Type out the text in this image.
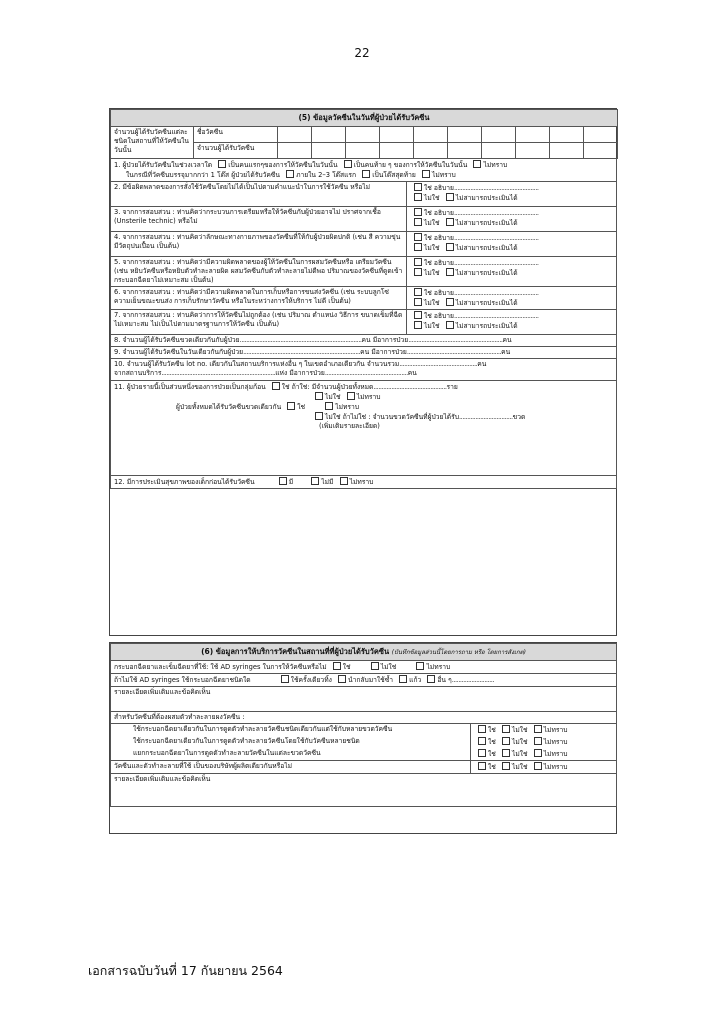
22
(5) ข้อมูลวัคซีนในวันที่ผู้ป่วยได้รับวัคซีน											
จำนวนผู้ได้รับวัคซีนแต่ละชนิดในสถานที่ให้วัคซีนในวันนั้น	ชื่อวัคซีน										
	จำนวนผู้ได้รับวัคซีน										
1. ผู้ป่วยได้รับวัคซีนในช่วงเวลาใด เป็นคนแรกๆของการให้วัคซีนในวันนั้น เป็นคนท้าย ๆ ของการให้วัคซีนในวันนั้น ไม่ทราบ
ในกรณีที่วัคซีนบรรจุมากกว่า 1 โด๊ส ผู้ป่วยได้รับวัคซีน ภายใน 2–3 โด๊สแรก เป็นโด๊สสุดท้าย ไม่ทราบ	
2. มีข้อผิดพลาดของการสั่งใช้วัคซีนโดยไม่ได้เป็นไปตามคำแนะนำในการใช้วัคซีน หรือไม่	ใช่ อธิบาย....................................................
ไม่ใช่ ไม่สามารถประเมินได้
3. จากการสอบสวน : ท่านคิดว่ากระบวนการเตรียมหรือให้วัคซีนกับผู้ป่วยอาจไม่ ปราศจากเชื้อ (Unsterile technic) หรือไม่	ใช่ อธิบาย....................................................
ไม่ใช่ ไม่สามารถประเมินได้
4. จากการสอบสวน : ท่านคิดว่าลักษณะทางกายภาพของวัคซีนที่ให้กับผู้ป่วยผิดปกติ (เช่น สี ความขุ่น มีวัตถุปนเปื้อน เป็นต้น)	ใช่ อธิบาย....................................................
ไม่ใช่ ไม่สามารถประเมินได้
5. จากการสอบสวน : ท่านคิดว่ามีความผิดพลาดของผู้ให้วัคซีนในการผสมวัคซีนหรือ เตรียมวัคซีน (เช่น หยิบวัคซีนหรือหยิบตัวทำละลายผิด ผสมวัคซีนกับตัวทำละลายไม่ดีพอ ปริมาณของวัคซีนที่ดูดเข้ากระบอกฉีดยาไม่เหมาะสม เป็นต้น)	ใช่ อธิบาย....................................................
ไม่ใช่ ไม่สามารถประเมินได้
6. จากการสอบสวน : ท่านคิดว่ามีความผิดพลาดในการเก็บหรือการขนส่งวัคซีน (เช่น ระบบลูกโซ่ความเย็นขณะขนส่ง การเก็บรักษาวัคซีน หรือในระหว่างการให้บริการ ไม่ดี เป็นต้น)	ใช่ อธิบาย....................................................
ไม่ใช่ ไม่สามารถประเมินได้
7. จากการสอบสวน : ท่านคิดว่าการให้วัคซีนไม่ถูกต้อง (เช่น ปริมาณ ตำแหน่ง วิธีการ ขนาดเข็มที่ฉีดไม่เหมาะสม ไม่เป็นไปตามมาตรฐานการให้วัคซีน เป็นต้น)	ใช่ อธิบาย....................................................
ไม่ใช่ ไม่สามารถประเมินได้
8. จำนวนผู้ได้รับวัคซีนขวดเดียวกันกับผู้ป่วย...........................................................................คน มีอาการป่วย..........................................................คน	
9. จำนวนผู้ได้รับวัคซีนในวันเดียวกันกับผู้ป่วย........................................................................คน มีอาการป่วย..........................................................คน	
10. จำนวนผู้ได้รับวัคซีน lot no. เดียวกันในสถานบริการแห่งอื่น ๆ ในเขตอำเภอเดียวกัน จำนวนรวม................................................คน
จากสถานบริการ......................................................................แห่ง มีอาการป่วย...................................................คน	
11. ผู้ป่วยรายนี้เป็นส่วนหนึ่งของการป่วยเป็นกลุ่มก้อน ใช่ ถ้าใช่: มีจำนวนผู้ป่วยทั้งหมด.............................................ราย
ไม่ใช่ ไม่ทราบ
ผู้ป่วยทั้งหมดได้รับวัคซีนขวดเดียวกัน ใช่ ไม่ทราบ
ไม่ใช่ ถ้าไม่ใช่ : จำนวนขวดวัคซีนที่ผู้ป่วยได้รับ.................................ขวด
(เพิ่มเติมรายละเอียด)	
12. มีการประเมินสุขภาพของเด็กก่อนได้รับวัคซีน มี ไม่มี ไม่ทราบ	
(6) ข้อมูลการให้บริการวัคซีนในสถานที่ที่ผู้ป่วยได้รับวัคซีน (บันทึกข้อมูลส่วนนี้โดยการถาม หรือ โดยการสังเกต)	
กระบอกฉีดยาและเข็มฉีดยาที่ใช้: ใช้ AD syringes ในการให้วัคซีนหรือไม่ ใช่ ไม่ใช่ ไม่ทราบ	
ถ้าไม่ใช้ AD syringes ใช้กระบอกฉีดยาชนิดใด ใช้ครั้งเดียวทิ้ง นำกลับมาใช้ซ้ำ แก้ว อื่น ๆ..........................	
รายละเอียดเพิ่มเติมและข้อคิดเห็น	
สำหรับวัคซีนที่ต้องผสมตัวทำละลายผงวัคซีน :	
ใช้กระบอกฉีดยาเดียวกันในการดูดตัวทำละลายวัคซีนชนิดเดียวกันแต่ใช้กับหลายขวดวัคซีน	ใช่ ไม่ใช่ ไม่ทราบ
ใช้กระบอกฉีดยาเดียวกันในการดูดตัวทำละลายวัคซีนโดยใช้กับวัคซีนหลายชนิด	ใช่ ไม่ใช่ ไม่ทราบ
แยกกระบอกฉีดยาในการดูดตัวทำละลายวัคซีนในแต่ละขวดวัคซีน	ใช่ ไม่ใช่ ไม่ทราบ
วัคซีนและตัวทำละลายที่ใช้ เป็นของบริษัทผู้ผลิตเดียวกันหรือไม่	ใช่ ไม่ใช่ ไม่ทราบ
รายละเอียดเพิ่มเติมและข้อคิดเห็น	
เอกสารฉบับวันที่ 17 กันยายน 2564
